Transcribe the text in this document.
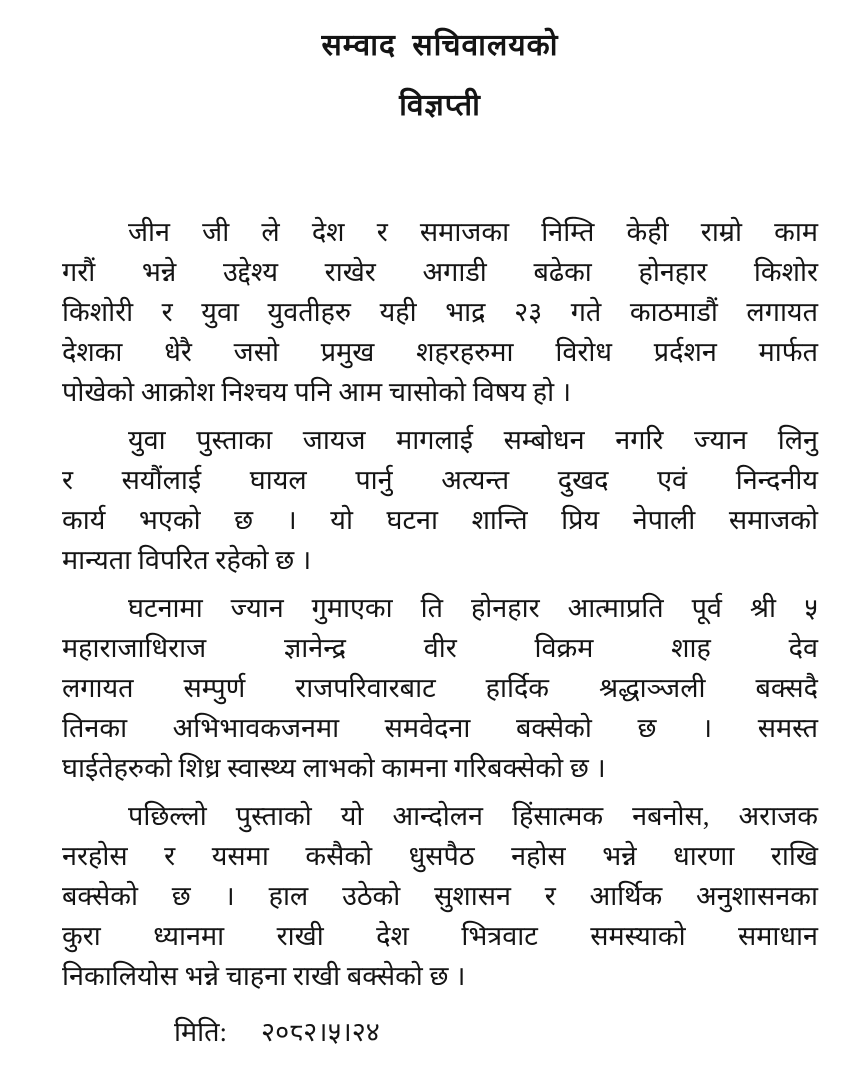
सम्वाद सचिवालयको
विज्ञप्ती
जीन जी ले देश र समाजका निम्ति केही राम्रो काम
गरौं भन्ने उद्देश्य राखेर अगाडी बढेका होनहार किशोर
किशोरी र युवा युवतीहरु यही भाद्र २३ गते काठमाडौं लगायत
देशका धेरै जसो प्रमुख शहरहरुमा विरोध प्रर्दशन मार्फत
पोखेको आक्रोश निश्चय पनि आम चासोको विषय हो ।
युवा पुस्ताका जायज मागलाई सम्बोधन नगरि ज्यान लिनु
र सयौंलाई घायल पार्नु अत्यन्त दुखद एवं निन्दनीय
कार्य भएको छ । यो घटना शान्ति प्रिय नेपाली समाजको
मान्यता विपरित रहेको छ ।
घटनामा ज्यान गुमाएका ति होनहार आत्माप्रति पूर्व श्री ५
महाराजाधिराज ज्ञानेन्द्र वीर विक्रम शाह देव
लगायत सम्पुर्ण राजपरिवारबाट हार्दिक श्रद्धाञ्जली बक्सदै
तिनका अभिभावकजनमा समवेदना बक्सेको छ । समस्त
घाईतेहरुको शिध्र स्वास्थ्य लाभको कामना गरिबक्सेको छ ।
पछिल्लो पुस्ताको यो आन्दोलन हिंसात्मक नबनोस, अराजक
नरहोस र यसमा कसैको धुसपैठ नहोस भन्ने धारणा राखि
बक्सेको छ । हाल उठेको सुशासन र आर्थिक अनुशासनका
कुरा ध्यानमा राखी देश भित्रवाट समस्याको समाधान
निकालियोस भन्ने चाहना राखी बक्सेको छ ।
मिति: २०८२।५।२४
